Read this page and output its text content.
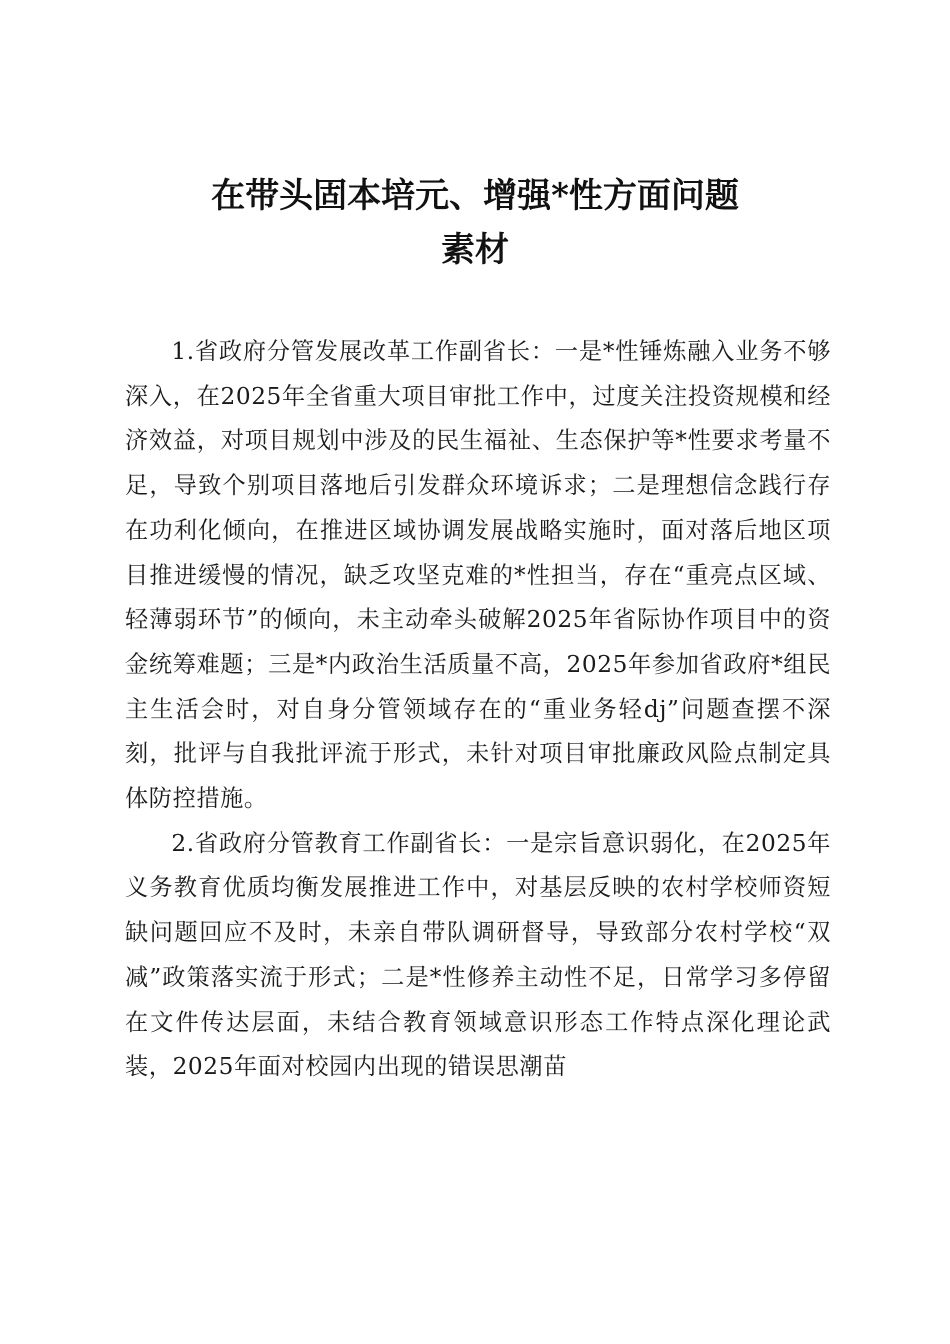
在带头固本培元、增强*性方面问题
素材

1.省政府分管发展改革工作副省长：一是*性锤炼融入业务不够深入，在2025年全省重大项目审批工作中，过度关注投资规模和经济效益，对项目规划中涉及的民生福祉、生态保护等*性要求考量不足，导致个别项目落地后引发群众环境诉求；二是理想信念践行存在功利化倾向，在推进区域协调发展战略实施时，面对落后地区项目推进缓慢的情况，缺乏攻坚克难的*性担当，存在“重亮点区域、轻薄弱环节”的倾向，未主动牵头破解2025年省际协作项目中的资金统筹难题；三是*内政治生活质量不高，2025年参加省政府*组民主生活会时，对自身分管领域存在的“重业务轻dj”问题查摆不深刻，批评与自我批评流于形式，未针对项目审批廉政风险点制定具体防控措施。

2.省政府分管教育工作副省长：一是宗旨意识弱化，在2025年义务教育优质均衡发展推进工作中，对基层反映的农村学校师资短缺问题回应不及时，未亲自带队调研督导，导致部分农村学校“双减”政策落实流于形式；二是*性修养主动性不足，日常学习多停留在文件传达层面，未结合教育领域意识形态工作特点深化理论武装，2025年面对校园内出现的错误思潮苗
